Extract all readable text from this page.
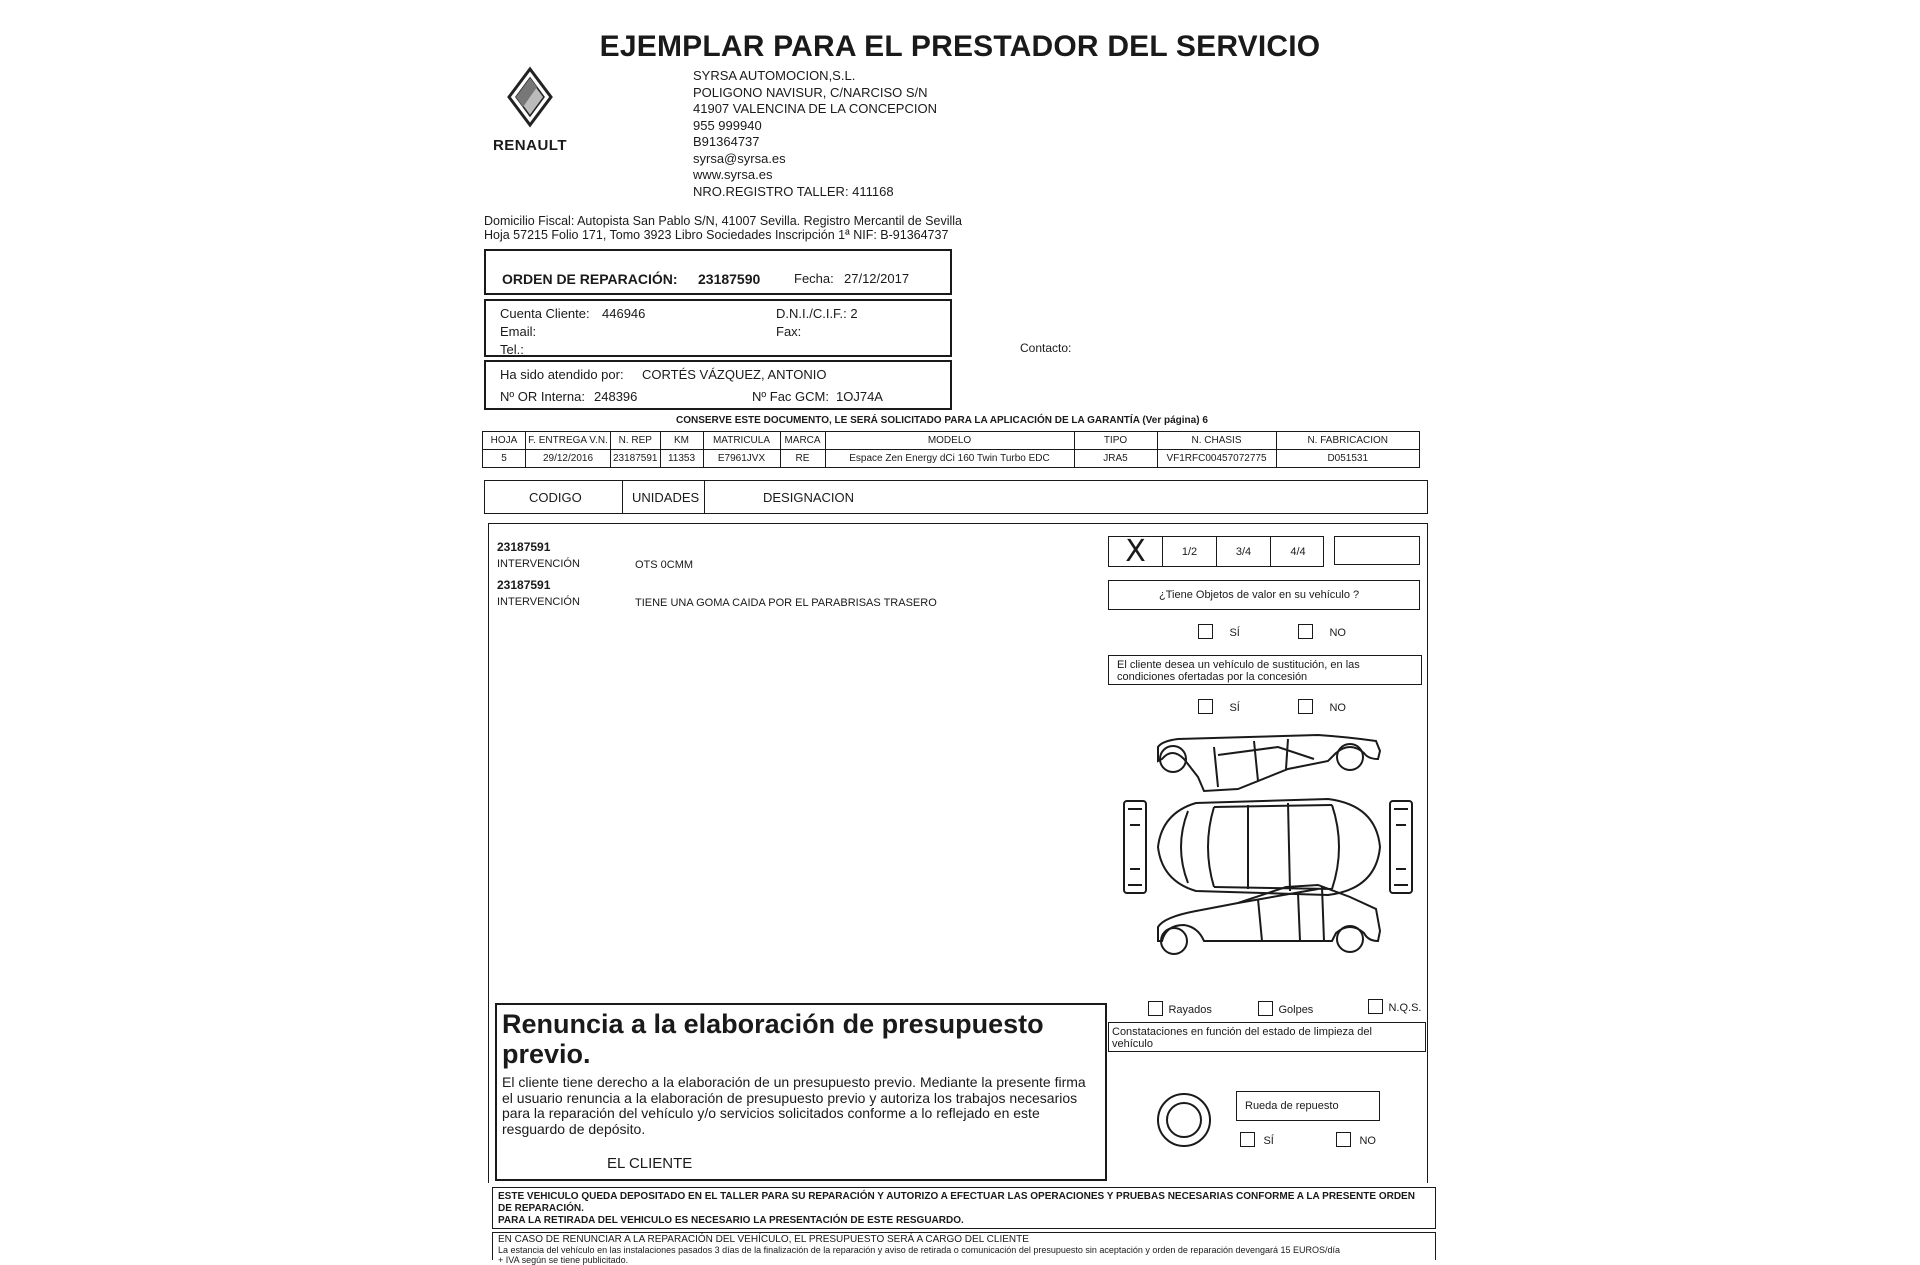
EJEMPLAR PARA EL PRESTADOR DEL SERVICIO
RENAULT
SYRSA AUTOMOCION,S.L.
POLIGONO NAVISUR, C/NARCISO S/N
41907 VALENCINA DE LA CONCEPCION
955 999940
B91364737
syrsa@syrsa.es
www.syrsa.es
NRO.REGISTRO TALLER: 411168
Domicilio Fiscal: Autopista San Pablo S/N, 41007 Sevilla. Registro Mercantil de Sevilla
Hoja 57215 Folio 171, Tomo 3923 Libro Sociedades Inscripción 1ª NIF: B-91364737
ORDEN DE REPARACIÓN: 23187590	Fecha: 27/12/2017
Cuenta Cliente: 446946	D.N.I./C.I.F.: 2
Email:	Fax:
Tel.:	Contacto:
Ha sido atendido por: CORTÉS VÁZQUEZ, ANTONIO
Nº OR Interna: 248396	Nº Fac GCM: 1OJ74A
CONSERVE ESTE DOCUMENTO, LE SERÁ SOLICITADO PARA LA APLICACIÓN DE LA GARANTÍA (Ver página) 6
HOJA	F. ENTREGA V.N.	N. REP	KM	MATRICULA	MARCA	MODELO	TIPO	N. CHASIS	N. FABRICACION
5	29/12/2016	23187591	11353	E7961JVX	RE	Espace Zen Energy dCi 160 Twin Turbo EDC	JRA5	VF1RFC00457072775	D051531
CODIGO	UNIDADES	DESIGNACION
23187591
INTERVENCIÓN	OTS 0CMM
23187591
INTERVENCIÓN	TIENE UNA GOMA CAIDA POR EL PARABRISAS TRASERO
X	1/2	3/4	4/4
¿Tiene Objetos de valor en su vehículo ?
SÍ	NO
El cliente desea un vehículo de sustitución, en las condiciones ofertadas por la concesión
SÍ	NO
Rayados	Golpes	N.Q.S.
Constataciones en función del estado de limpieza del vehículo
Rueda de repuesto
SÍ	NO
Renuncia a la elaboración de presupuesto previo.
El cliente tiene derecho a la elaboración de un presupuesto previo. Mediante la presente firma el usuario renuncia a la elaboración de presupuesto previo y autoriza los trabajos necesarios para la reparación del vehículo y/o servicios solicitados conforme a lo reflejado en este resguardo de depósito.
EL CLIENTE
ESTE VEHICULO QUEDA DEPOSITADO EN EL TALLER PARA SU REPARACIÓN Y AUTORIZO A EFECTUAR LAS OPERACIONES Y PRUEBAS NECESARIAS CONFORME A LA PRESENTE ORDEN DE REPARACIÓN.
PARA LA RETIRADA DEL VEHICULO ES NECESARIO LA PRESENTACIÓN DE ESTE RESGUARDO.
EN CASO DE RENUNCIAR A LA REPARACIÓN DEL VEHÍCULO, EL PRESUPUESTO SERÁ A CARGO DEL CLIENTE
La estancia del vehículo en las instalaciones pasados 3 días de la finalización de la reparación y aviso de retirada o comunicación del presupuesto sin aceptación y orden de reparación devengará 15 EUROS/día
+ IVA según se tiene publicitado.
